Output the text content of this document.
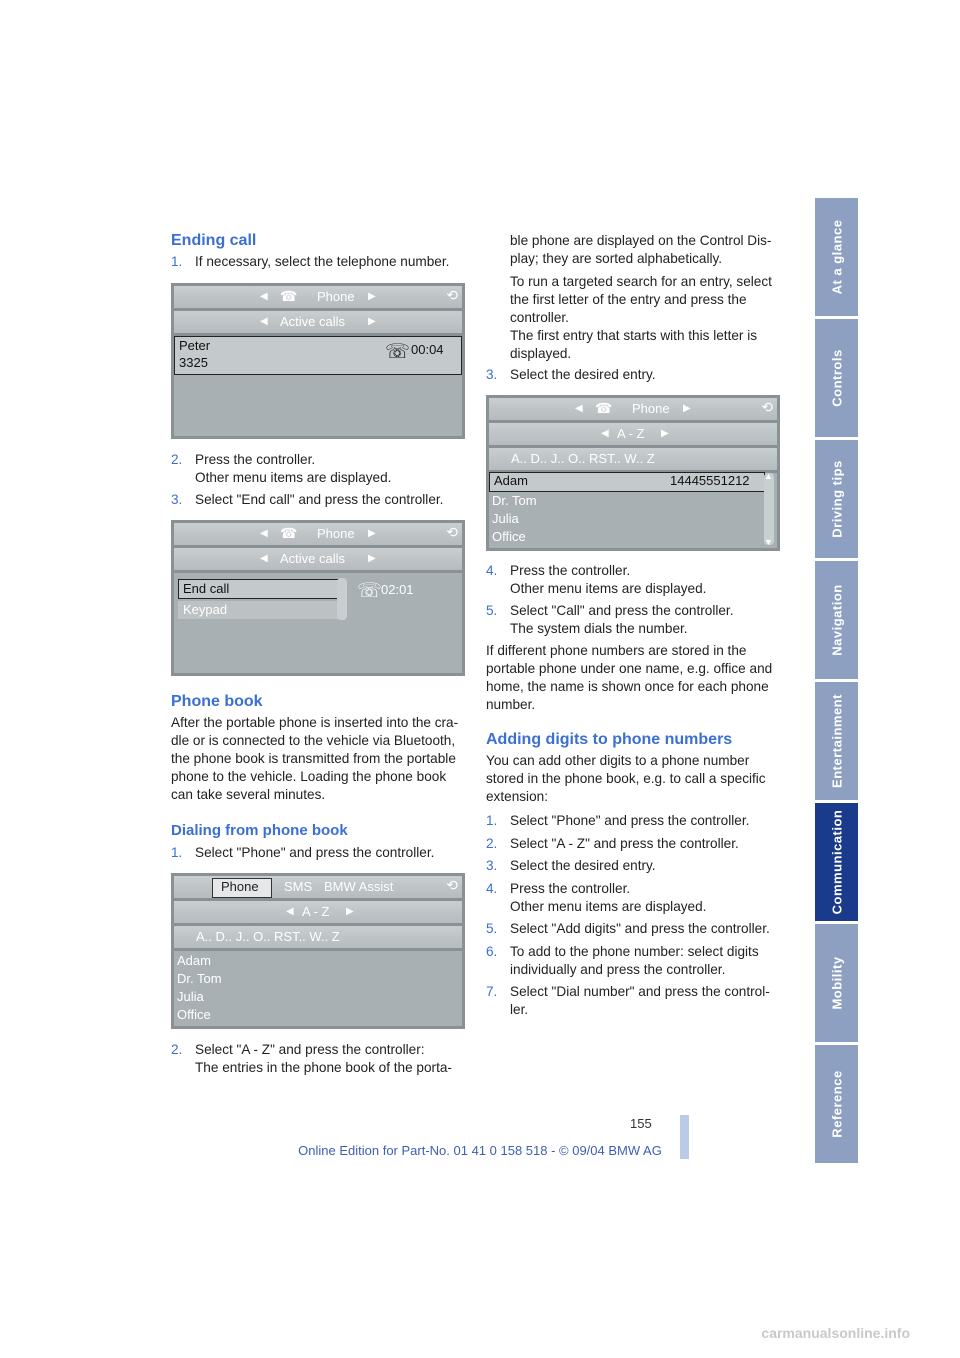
Ending call
1. If necessary, select the telephone number.
◀ ☎ Phone ▶	⟲
◀ Active calls ▶
Peter
3325	☏ 00:04
2. Press the controller.
Other menu items are displayed.
3. Select "End call" and press the controller.
◀ ☎ Phone ▶	⟲
◀ Active calls ▶
End call
Keypad
☏
02:01
Phone book
After the portable phone is inserted into the cra-
dle or is connected to the vehicle via Bluetooth,
the phone book is transmitted from the portable
phone to the vehicle. Loading the phone book
can take several minutes.
Dialing from phone book
1. Select "Phone" and press the controller.
Phone SMS BMW Assist	⟲
◀ A - Z ▶
A.. D.. J.. O.. RST.. W.. Z
Adam
Dr. Tom
Julia
Office
2. Select "A - Z" and press the controller:
The entries in the phone book of the porta-
ble phone are displayed on the Control Dis-
play; they are sorted alphabetically.
To run a targeted search for an entry, select
the first letter of the entry and press the
controller.
The first entry that starts with this letter is
displayed.
3. Select the desired entry.
◀ ☎ Phone ▶	⟲
◀ A - Z ▶
A.. D.. J.. O.. RST.. W.. Z
Adam	14445551212
Dr. Tom
Julia
Office
▲
▼
4. Press the controller.
Other menu items are displayed.
5. Select "Call" and press the controller.
The system dials the number.
If different phone numbers are stored in the
portable phone under one name, e.g. office and
home, the name is shown once for each phone
number.
Adding digits to phone numbers
You can add other digits to a phone number
stored in the phone book, e.g. to call a specific
extension:
1. Select "Phone" and press the controller.
2. Select "A - Z" and press the controller.
3. Select the desired entry.
4. Press the controller.
Other menu items are displayed.
5. Select "Add digits" and press the controller.
6. To add to the phone number: select digits
individually and press the controller.
7. Select "Dial number" and press the control-
ler.
At a glance
Controls
Driving tips
Navigation
Entertainment
Communication
Mobility
Reference
155
Online Edition for Part-No. 01 41 0 158 518 - © 09/04 BMW AG
carmanualsonline.info
